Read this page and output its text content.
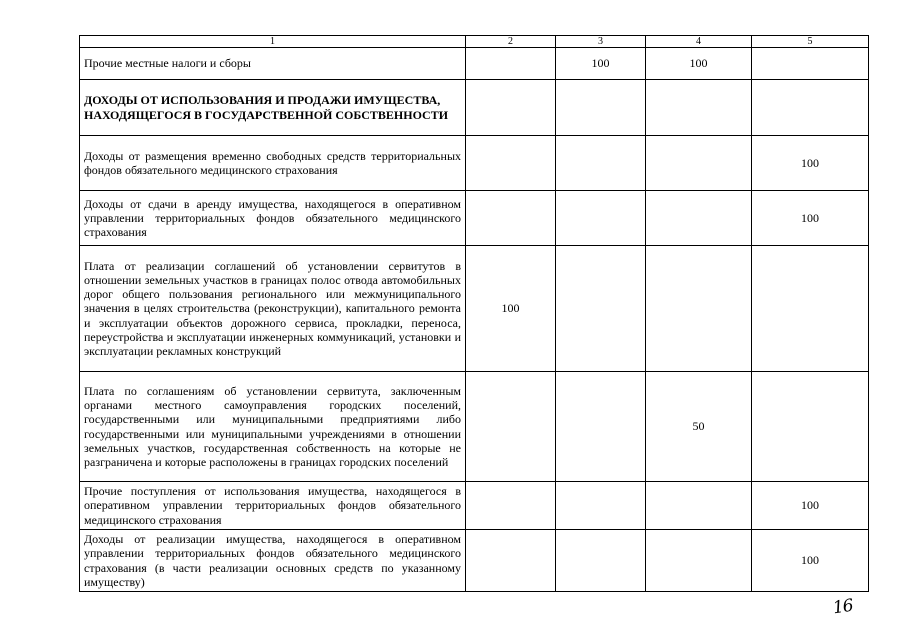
1	2	3	4	5
Прочие местные налоги и сборы		100	100	
ДОХОДЫ ОТ ИСПОЛЬЗОВАНИЯ И ПРОДАЖИ ИМУЩЕСТВА, НАХОДЯЩЕГОСЯ В ГОСУДАРСТВЕННОЙ СОБСТВЕННОСТИ				
Доходы от размещения временно свободных средств территориальных фондов обязательного медицинского страхования				100
Доходы от сдачи в аренду имущества, находящегося в оперативном управлении территориальных фондов обязательного медицинского страхования				100
Плата от реализации соглашений об установлении сервитутов в отношении земельных участков в границах полос отвода автомобильных дорог общего пользования регионального или межмуниципального значения в целях строительства (реконструкции), капитального ремонта и эксплуатации объектов дорожного сервиса, прокладки, переноса, переустройства и эксплуатации инженерных коммуникаций, установки и эксплуатации рекламных конструкций	100			
Плата по соглашениям об установлении сервитута, заключенным органами местного самоуправления городских поселений, государственными или муниципальными предприятиями либо государственными или муниципальными учреждениями в отношении земельных участков, государственная собственность на которые не разграничена и которые расположены в границах городских поселений			50	
Прочие поступления от использования имущества, находящегося в оперативном управлении территориальных фондов обязательного медицинского страхования				100
Доходы от реализации имущества, находящегося в оперативном управлении территориальных фондов обязательного медицинского страхования (в части реализации основных средств по указанному имуществу)				100
16
